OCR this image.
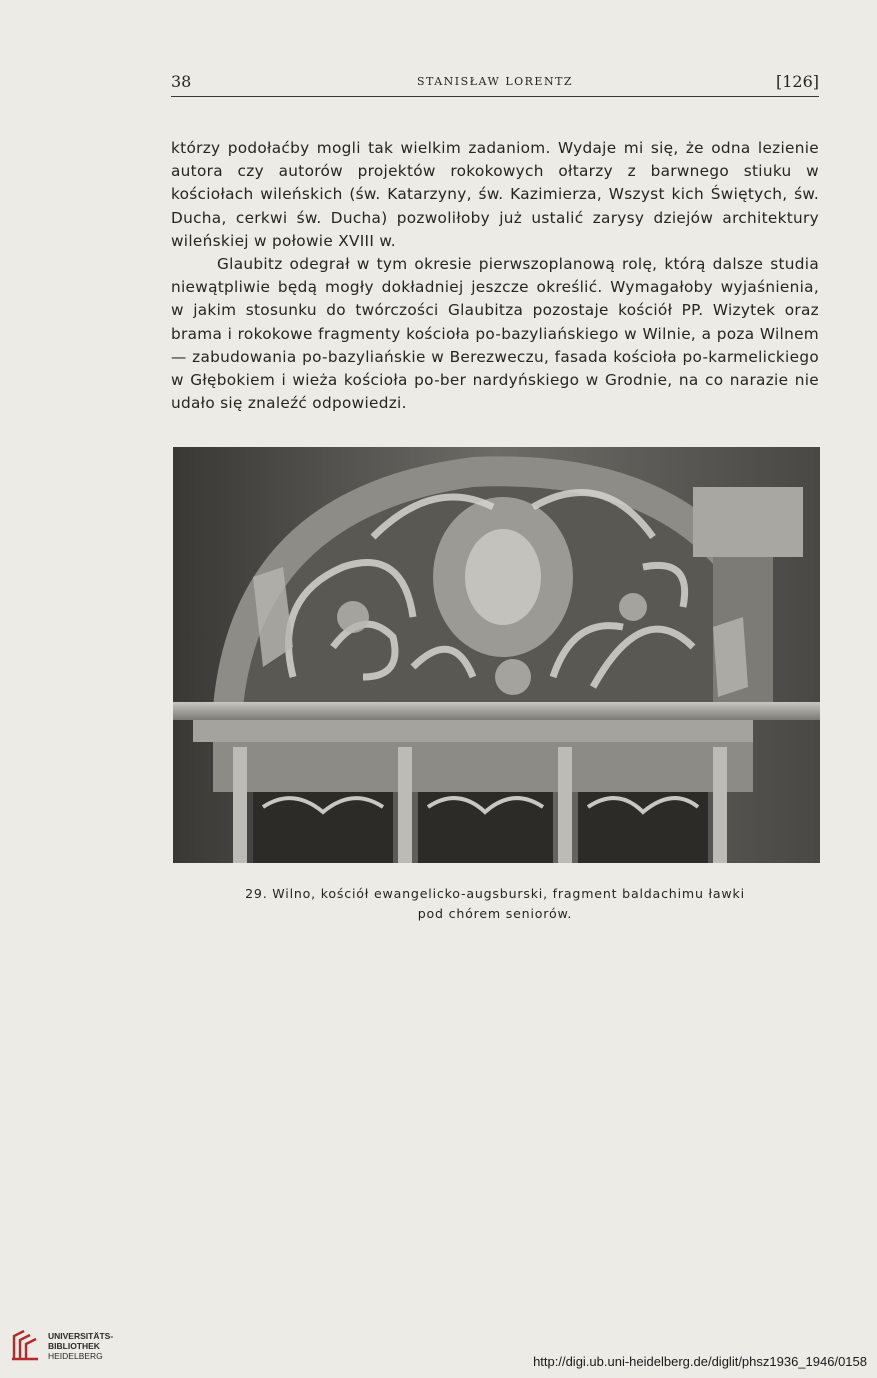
38	STANISŁAW LORENTZ	[126]

którzy podołaćby mogli tak wielkim zadaniom. Wydaje mi się, że odna lezienie autora czy autorów projektów rokokowych ołtarzy z barwnego stiuku w kościołach wileńskich (św. Katarzyny, św. Kazimierza, Wszyst kich Świętych, św. Ducha, cerkwi św. Ducha) pozwoliłoby już ustalić zarysy dziejów architektury wileńskiej w połowie XVIII w.

Glaubitz odegrał w tym okresie pierwszoplanową rolę, którą dalsze studia niewątpliwie będą mogły dokładniej jeszcze określić. Wymagałoby wyjaśnienia, w jakim stosunku do twórczości Glaubitza pozostaje kościół PP. Wizytek oraz brama i rokokowe fragmenty kościoła po-bazyliańskiego w Wilnie, a poza Wilnem — zabudowania po-bazyliańskie w Berezweczu, fasada kościoła po-karmelickiego w Głębokiem i wieża kościoła po-ber nardyńskiego w Grodnie, na co narazie nie udało się znaleźć odpowiedzi.

29. Wilno, kościół ewangelicko-augsburski, fragment baldachimu ławki

pod chórem seniorów.

UNIVERSITÄTS-
BIBLIOTHEK
HEIDELBERG	http://digi.ub.uni-heidelberg.de/diglit/phsz1936_1946/0158
